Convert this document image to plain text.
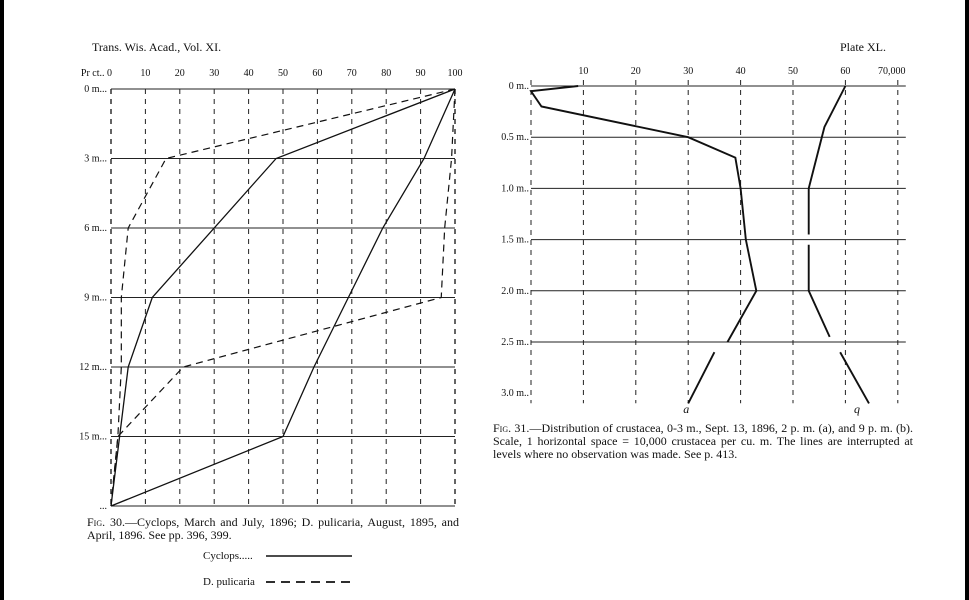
Trans. Wis. Acad., Vol. XI.	Plate XL.
0 m...
3 m...
6 m...
9 m...
12 m...
15 m...
...
Pr ct.. 0	10 20 30 40 50 60 70 80 90 100
0 m..
0.5 m..
1.0 m..
1.5 m..
2.0 m..
2.5 m..
3.0 m..
10	20	30	40	50	60	70,000
a	q
Fig. 30.—Cyclops, March and July, 1896; D. pulicaria, August, 1895, and April, 1896. See pp. 396, 399.
Cyclops.....
D. pulicaria
Fig. 31.—Distribution of crustacea, 0-3 m., Sept. 13, 1896, 2 p. m. (a), and 9 p. m. (b). Scale, 1 horizontal space = 10,000 crustacea per cu. m. The lines are interrupted at levels where no observation was made. See p. 413.
